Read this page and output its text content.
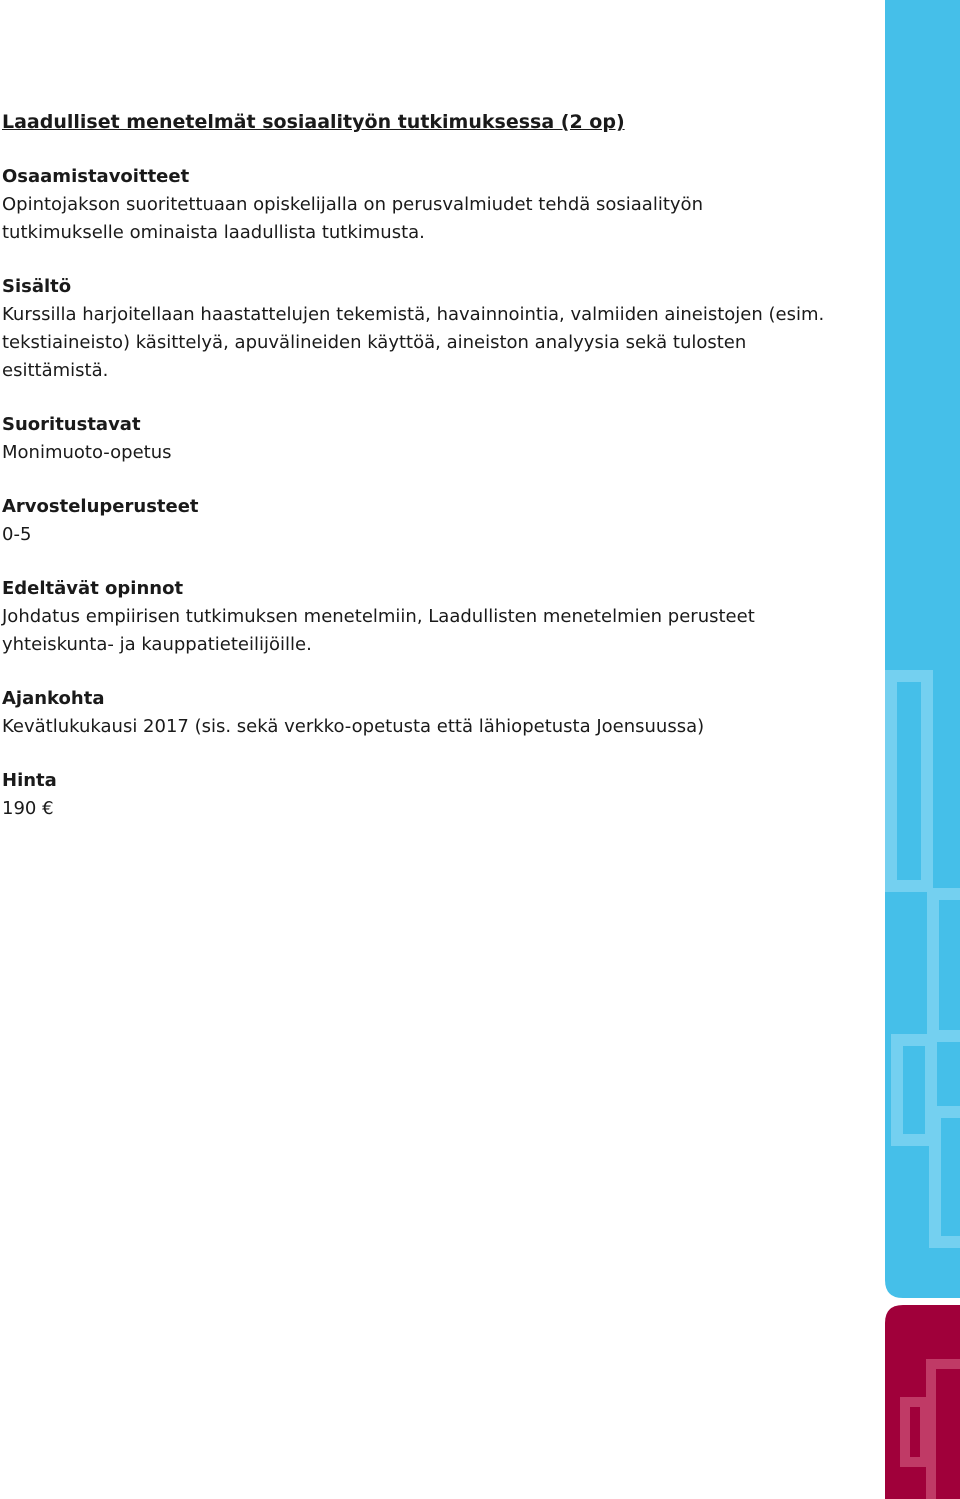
Laadulliset menetelmät sosiaalityön tutkimuksessa (2 op)
Osaamistavoitteet
Opintojakson suoritettuaan opiskelijalla on perusvalmiudet tehdä sosiaalityön
tutkimukselle ominaista laadullista tutkimusta.
Sisältö
Kurssilla harjoitellaan haastattelujen tekemistä, havainnointia, valmiiden aineistojen (esim.
tekstiaineisto) käsittelyä, apuvälineiden käyttöä, aineiston analyysia sekä tulosten
esittämistä.
Suoritustavat
Monimuoto-opetus
Arvosteluperusteet
0-5
Edeltävät opinnot
Johdatus empiirisen tutkimuksen menetelmiin, Laadullisten menetelmien perusteet
yhteiskunta- ja kauppatieteilijöille.
Ajankohta
Kevätlukukausi 2017 (sis. sekä verkko-opetusta että lähiopetusta Joensuussa)
Hinta
190 €
